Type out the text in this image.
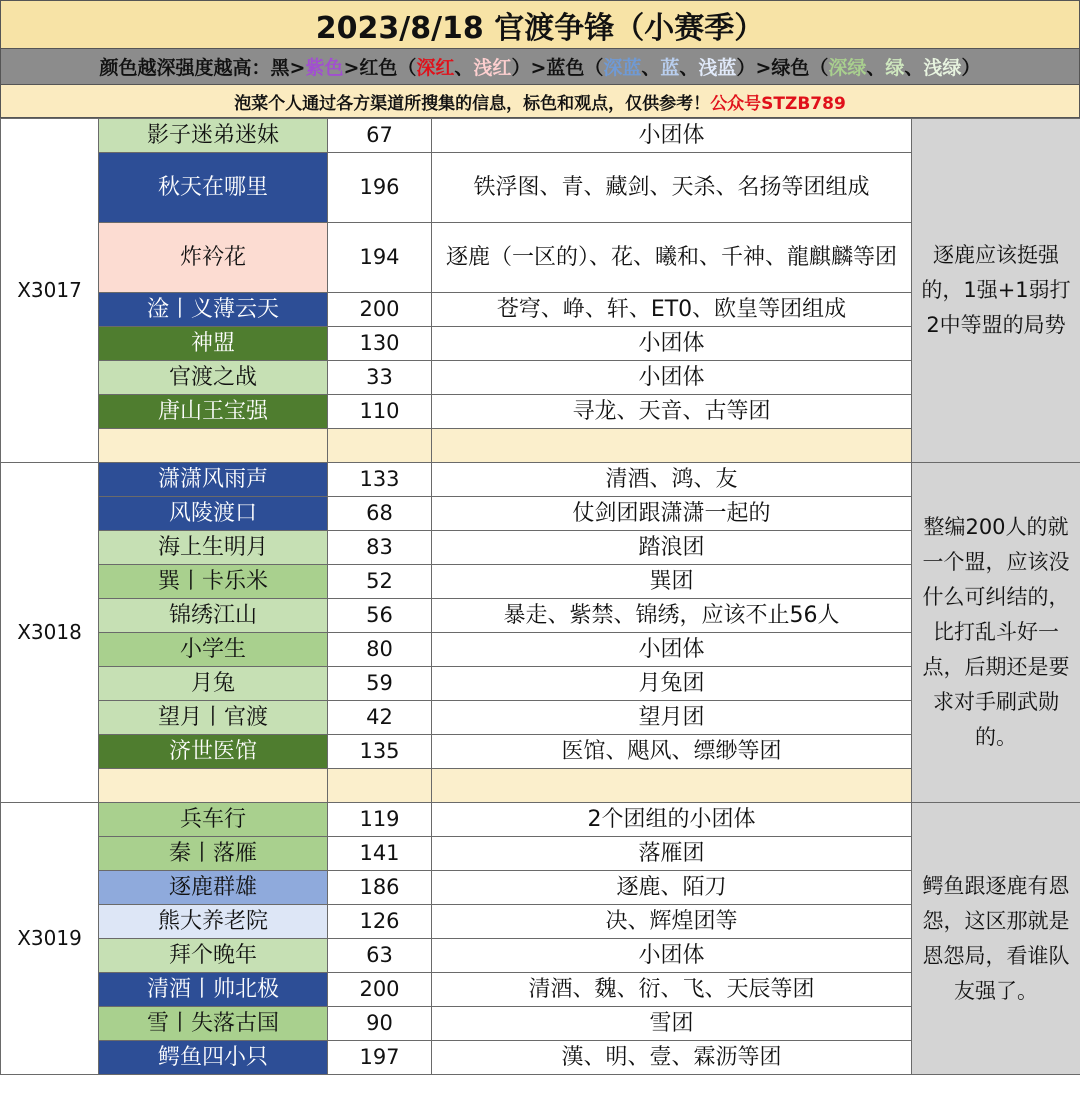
2023/8/18 官渡争锋（小赛季）
颜色越深强度越高：黑> 紫色 >红色（ 深红 、 浅红 ）>蓝色（ 深蓝 、 蓝 、 浅蓝 ）>绿色（ 深绿 、 绿 、 浅绿 ）
泡菜个人通过各方渠道所搜集的信息，标色和观点，仅供参考！ 公众号STZB789
X3017	影子迷弟迷妹	67	小团体	逐鹿应该挺强的，1强+1弱打2中等盟的局势
	秋天在哪里	196	铁浮图、青、藏剑、天杀、名扬等团组成	
	炸衿花	194	逐鹿（一区的）、花、曦和、千神、龍麒麟等团	
	淦丨义薄云天	200	苍穹、峥、轩、ET0、欧皇等团组成	
	神盟	130	小团体	
	官渡之战	33	小团体	
	唐山王宝强	110	寻龙、天音、古等团	

X3018	潇潇风雨声	133	清酒、鸿、友	整编200人的就一个盟，应该没什么可纠结的，比打乱斗好一点，后期还是要求对手刷武勋的。
	风陵渡口	68	仗剑团跟潇潇一起的	
	海上生明月	83	踏浪团	
	巽丨卡乐米	52	巽团	
	锦绣江山	56	暴走、紫禁、锦绣，应该不止56人	
	小学生	80	小团体	
	月兔	59	月兔团	
	望月丨官渡	42	望月团	
	济世医馆	135	医馆、飓风、缥缈等团	

X3019	兵车行	119	2个团组的小团体	鳄鱼跟逐鹿有恩怨，这区那就是恩怨局，看谁队友强了。
	秦丨落雁	141	落雁团	
	逐鹿群雄	186	逐鹿、陌刀	
	熊大养老院	126	决、辉煌团等	
	拜个晚年	63	小团体	
	清酒丨帅北极	200	清酒、魏、衍、飞、天辰等团	
	雪丨失落古国	90	雪团	
	鳄鱼四小只	197	漢、明、壹、霖沥等团	
